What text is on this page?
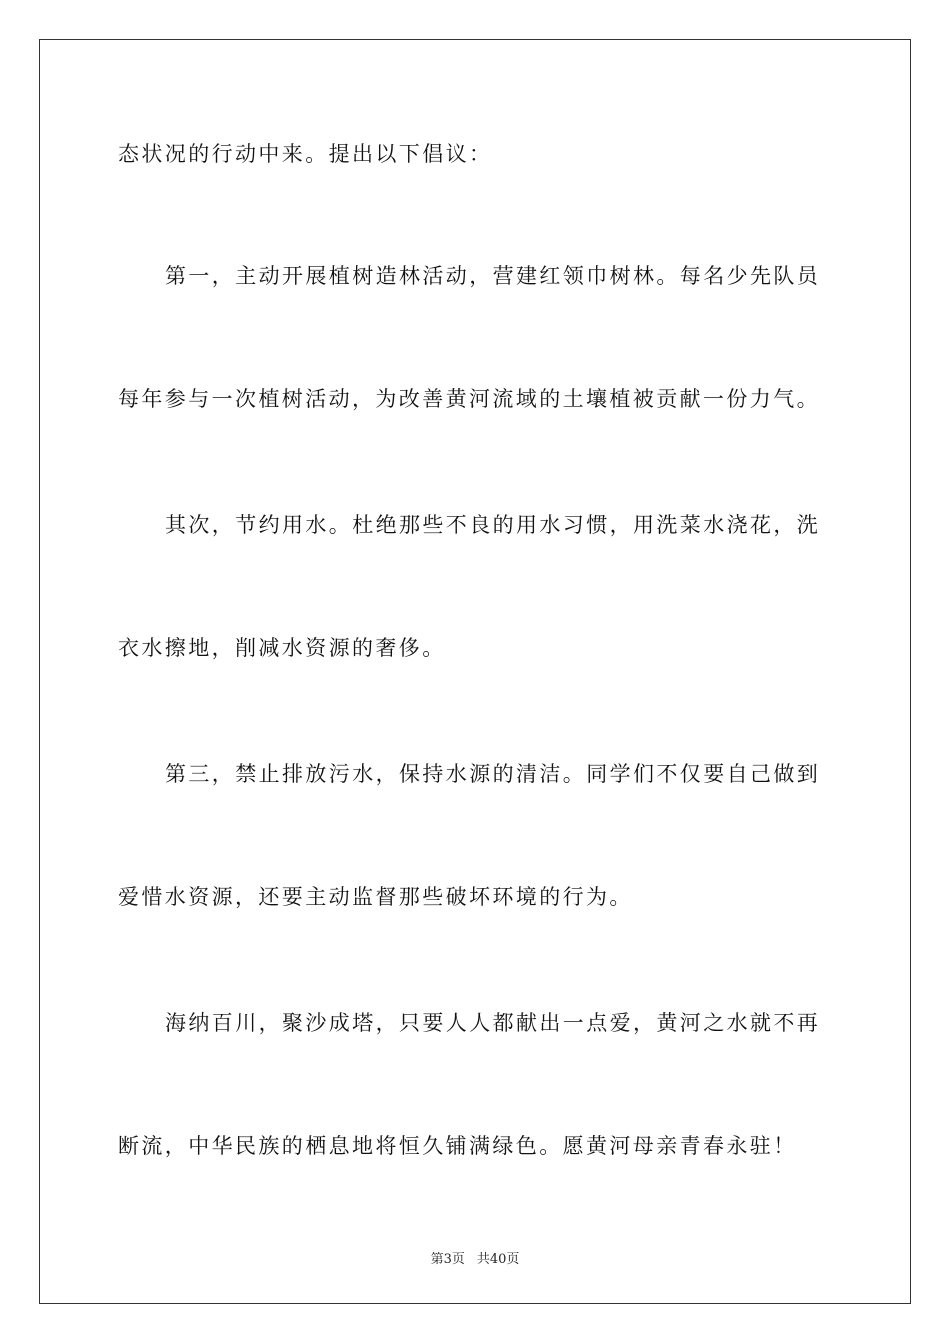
态状况的行动中来。提出以下倡议：
第一，主动开展植树造林活动，营建红领巾树林。每名少先队员
每年参与一次植树活动，为改善黄河流域的土壤植被贡献一份力气。
其次，节约用水。杜绝那些不良的用水习惯，用洗菜水浇花，洗
衣水擦地，削减水资源的奢侈。
第三，禁止排放污水，保持水源的清洁。同学们不仅要自己做到
爱惜水资源，还要主动监督那些破坏环境的行为。
海纳百川，聚沙成塔，只要人人都献出一点爱，黄河之水就不再
断流，中华民族的栖息地将恒久铺满绿色。愿黄河母亲青春永驻！
第3页 共40页
